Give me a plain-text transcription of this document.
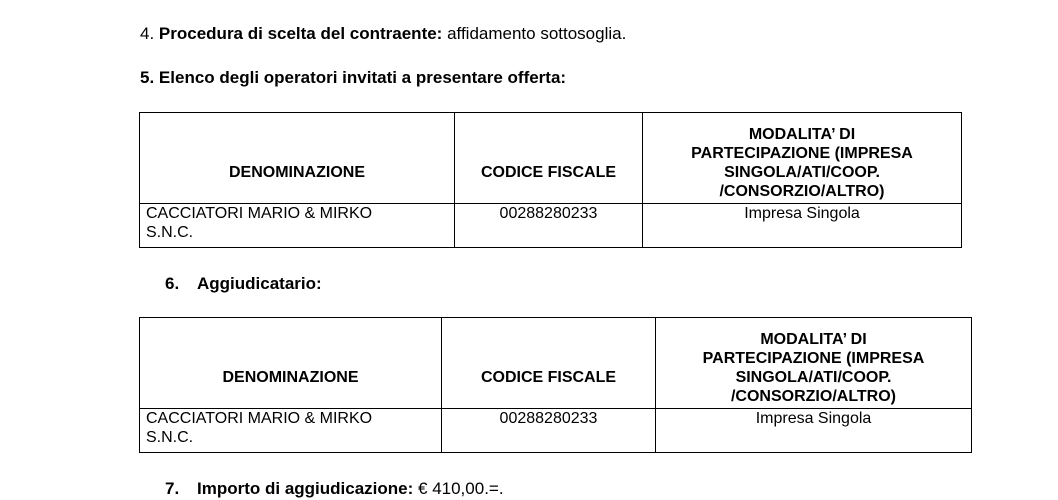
4. Procedura di scelta del contraente: affidamento sottosoglia.
5. Elenco degli operatori invitati a presentare offerta:
DENOMINAZIONE	CODICE FISCALE	MODALITA’ DI
PARTECIPAZIONE (IMPRESA
SINGOLA/ATI/COOP.
/CONSORZIO/ALTRO)
CACCIATORI MARIO & MIRKO
S.N.C.	00288280233	Impresa Singola
6. Aggiudicatario:
DENOMINAZIONE	CODICE FISCALE	MODALITA’ DI
PARTECIPAZIONE (IMPRESA
SINGOLA/ATI/COOP.
/CONSORZIO/ALTRO)
CACCIATORI MARIO & MIRKO
S.N.C.	00288280233	Impresa Singola
7. Importo di aggiudicazione: € 410,00.=.
